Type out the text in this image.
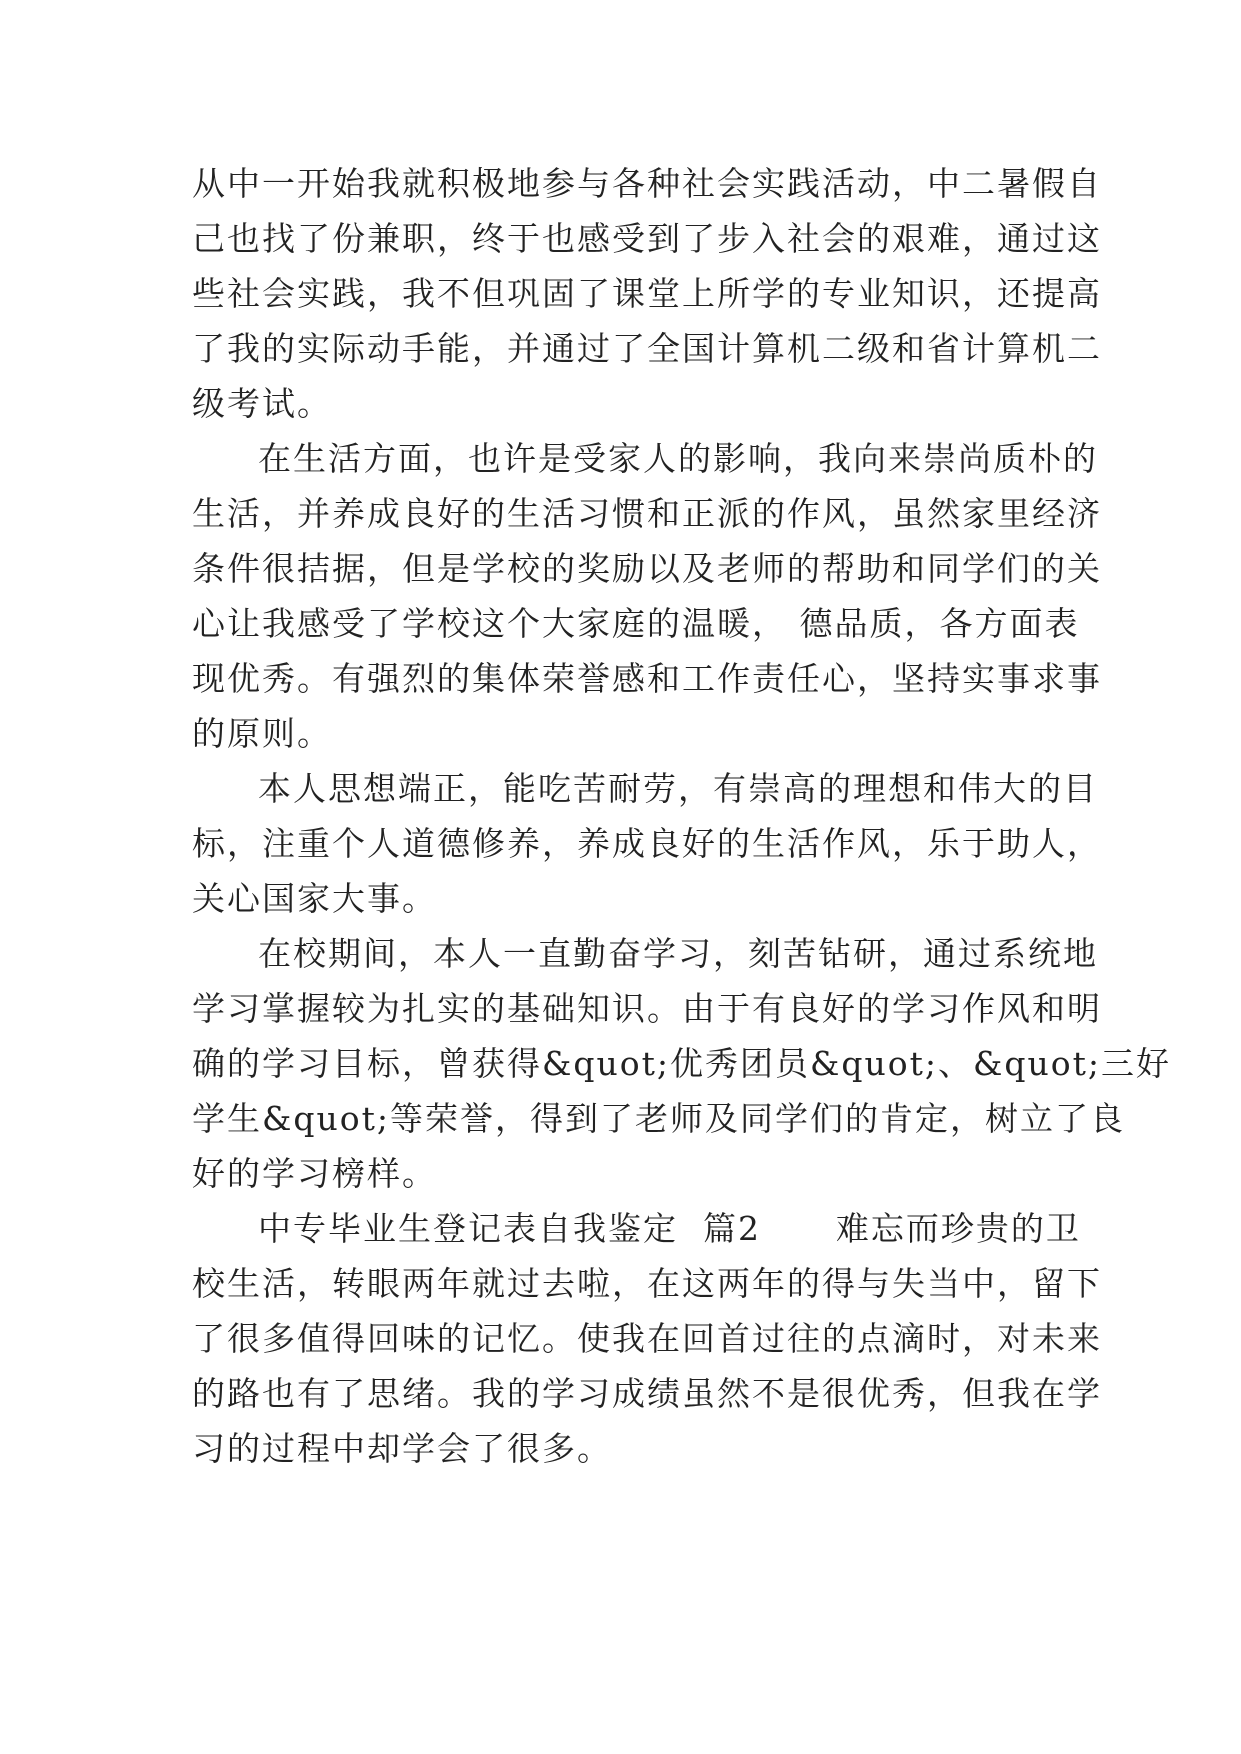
从中一开始我就积极地参与各种社会实践活动，中二暑假自
己也找了份兼职，终于也感受到了步入社会的艰难，通过这
些社会实践，我不但巩固了课堂上所学的专业知识，还提高
了我的实际动手能，并通过了全国计算机二级和省计算机二
级考试。
在生活方面，也许是受家人的影响，我向来崇尚质朴的
生活，并养成良好的生活习惯和正派的作风，虽然家里经济
条件很拮据，但是学校的奖励以及老师的帮助和同学们的关
心让我感受了学校这个大家庭的温暖， 德品质，各方面表
现优秀。有强烈的集体荣誉感和工作责任心，坚持实事求事
的原则。
本人思想端正，能吃苦耐劳，有崇高的理想和伟大的目
标，注重个人道德修养，养成良好的生活作风，乐于助人，
关心国家大事。
在校期间，本人一直勤奋学习，刻苦钻研，通过系统地
学习掌握较为扎实的基础知识。由于有良好的学习作风和明
确的学习目标，曾获得&quot;优秀团员&quot;、&quot;三好
学生&quot;等荣誉，得到了老师及同学们的肯定，树立了良
好的学习榜样。
中专毕业生登记表自我鉴定  篇2      难忘而珍贵的卫
校生活，转眼两年就过去啦，在这两年的得与失当中，留下
了很多值得回味的记忆。使我在回首过往的点滴时，对未来
的路也有了思绪。我的学习成绩虽然不是很优秀，但我在学
习的过程中却学会了很多。
